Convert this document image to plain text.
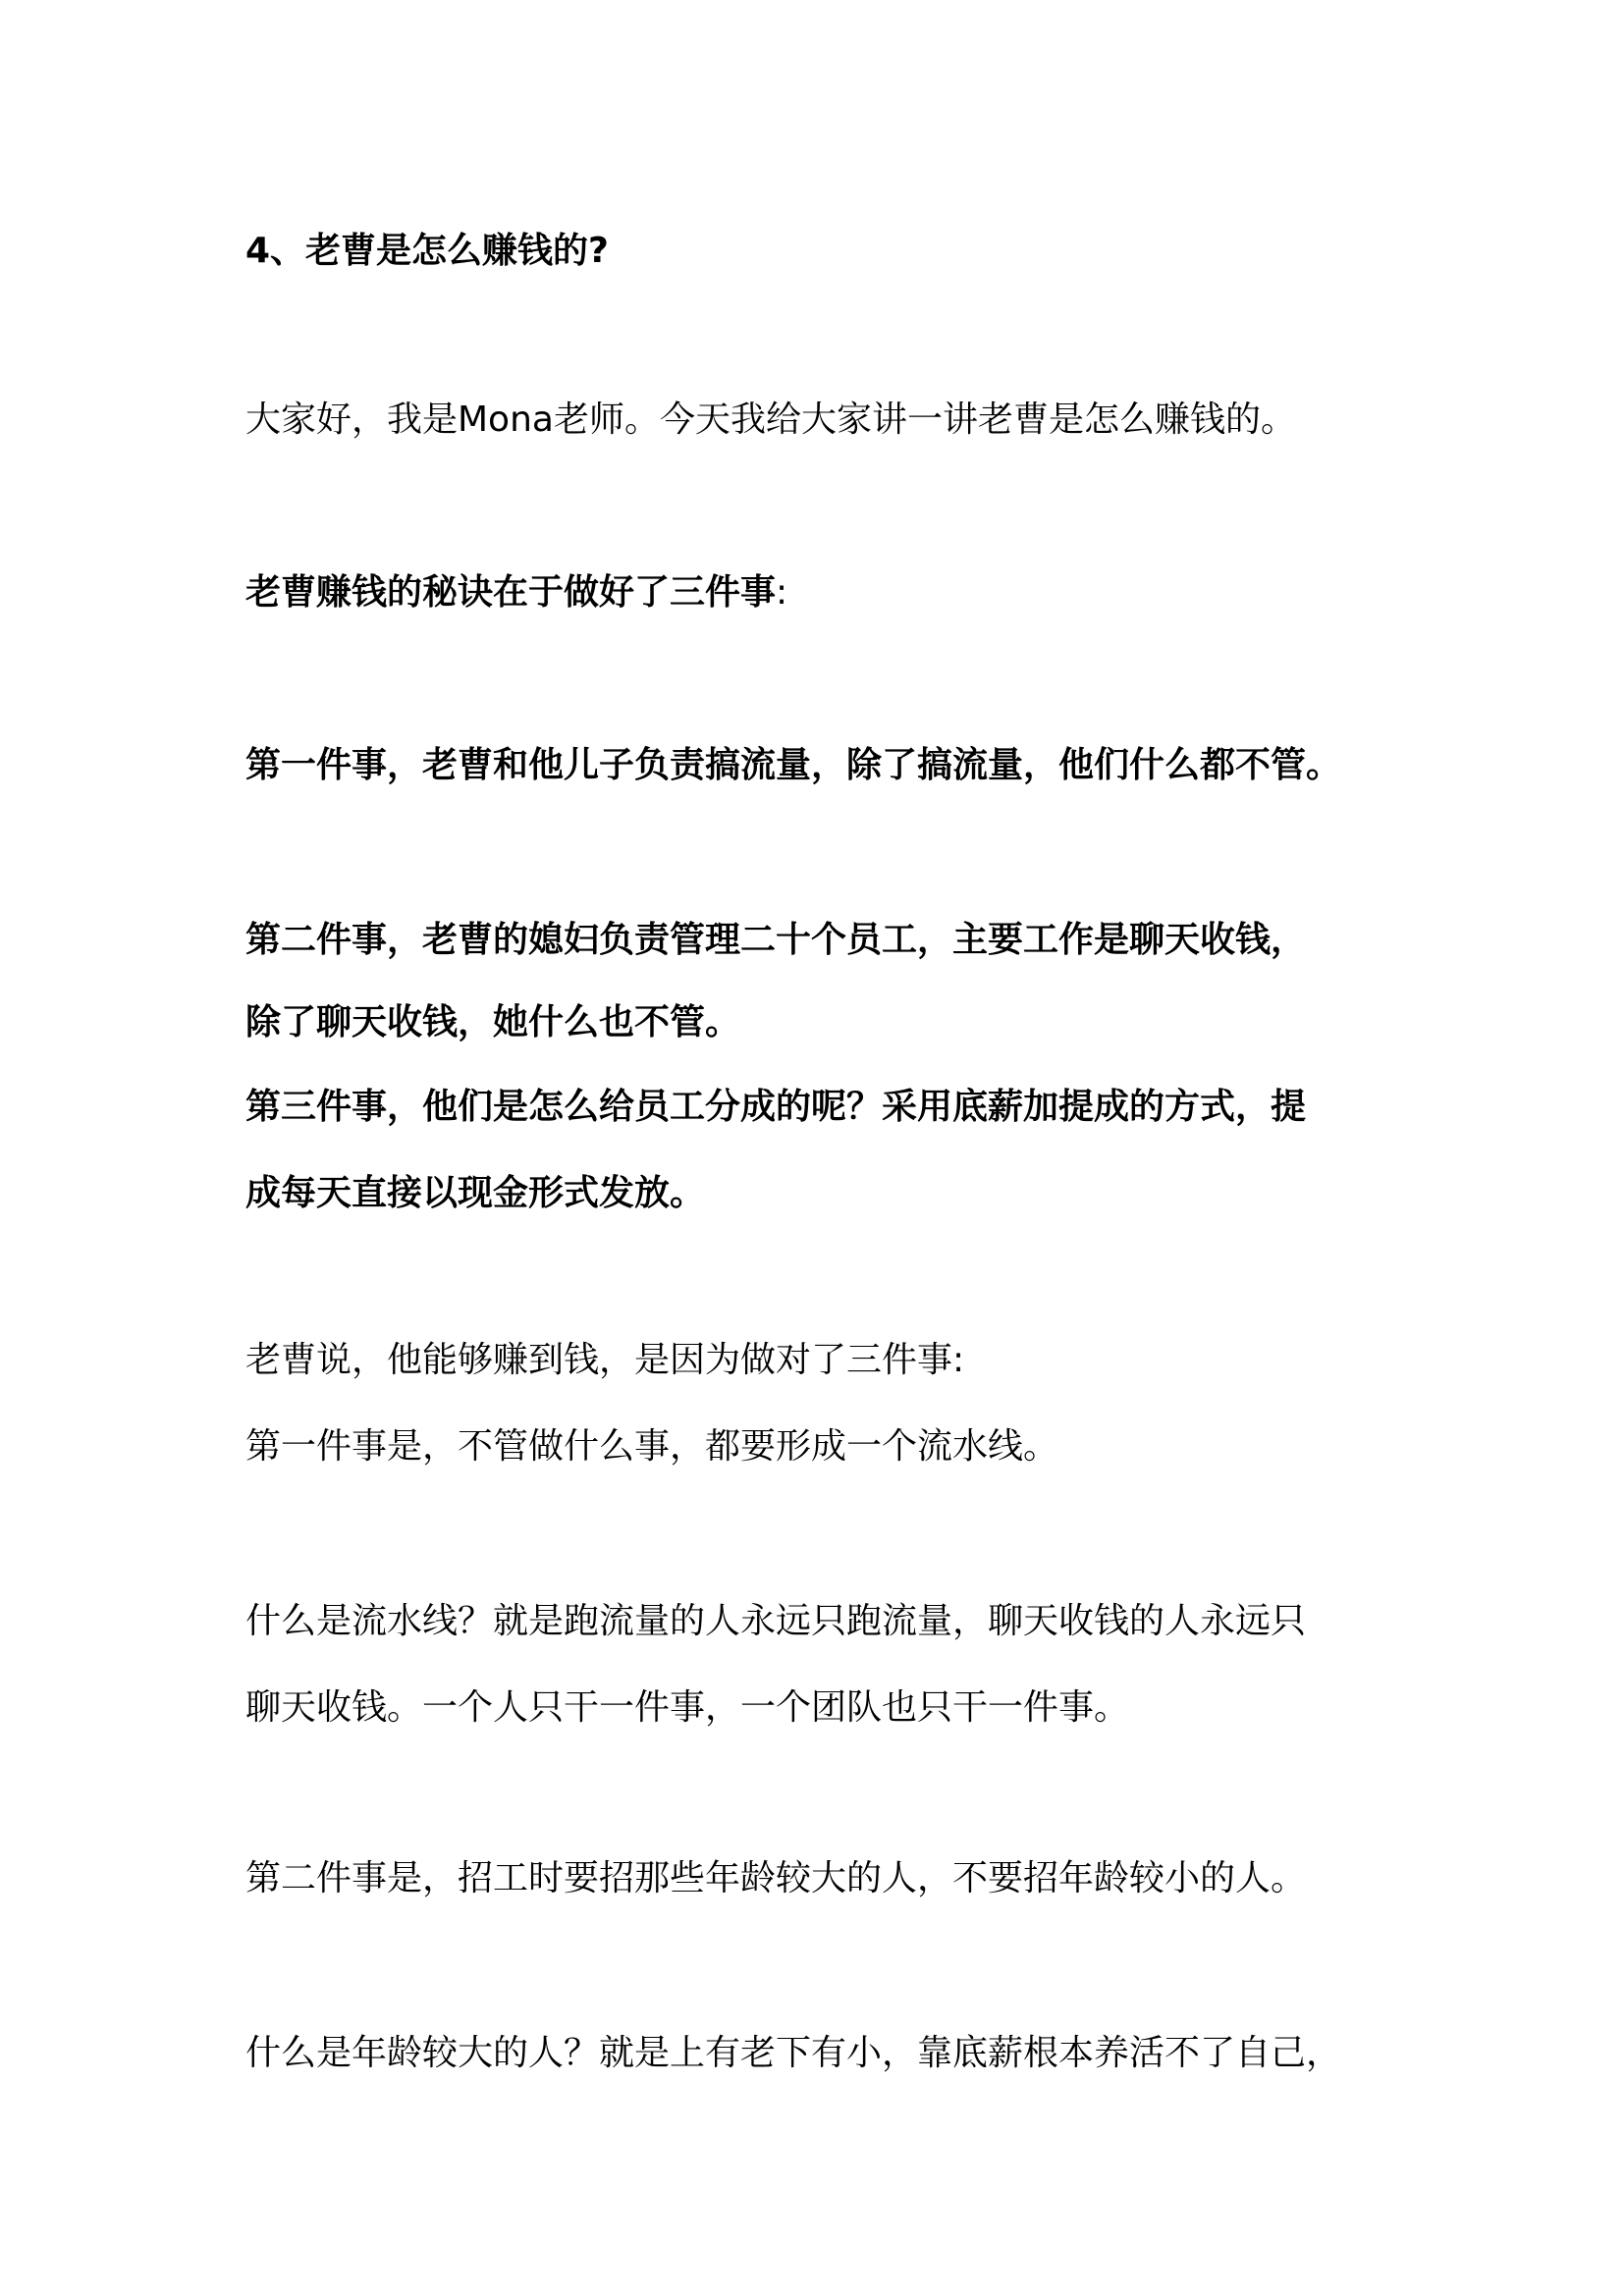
4、老曹是怎么赚钱的?

大家好，我是Mona老师。今天我给大家讲一讲老曹是怎么赚钱的。

老曹赚钱的秘诀在于做好了三件事:

第一件事，老曹和他儿子负责搞流量，除了搞流量，他们什么都不管。

第二件事，老曹的媳妇负责管理二十个员工，主要工作是聊天收钱，

除了聊天收钱，她什么也不管。

第三件事，他们是怎么给员工分成的呢？采用底薪加提成的方式，提

成每天直接以现金形式发放。

老曹说，他能够赚到钱，是因为做对了三件事:

第一件事是，不管做什么事，都要形成一个流水线。

什么是流水线？就是跑流量的人永远只跑流量，聊天收钱的人永远只

聊天收钱。一个人只干一件事，一个团队也只干一件事。

第二件事是，招工时要招那些年龄较大的人，不要招年龄较小的人。

什么是年龄较大的人？就是上有老下有小，靠底薪根本养活不了自己，
